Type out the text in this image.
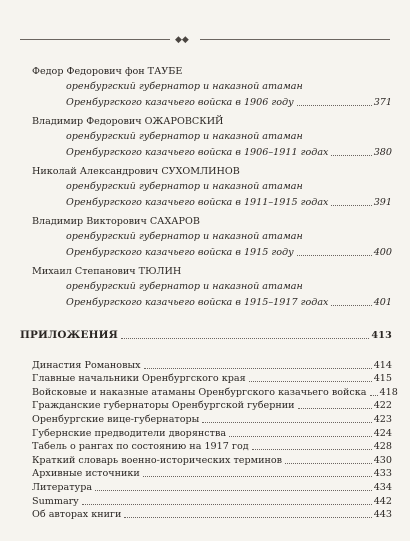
◆◆
Федор Федорович фон ТАУБЕ
оренбургский губернатор и наказной атаман
Оренбургского казачьего войска в 1906 году	371
Владимир Федорович ОЖАРОВСКИЙ
оренбургский губернатор и наказной атаман
Оренбургского казачьего войска в 1906–1911 годах	380
Николай Александрович СУХОМЛИНОВ
оренбургский губернатор и наказной атаман
Оренбургского казачьего войска в 1911–1915 годах	391
Владимир Викторович САХАРОВ
оренбургский губернатор и наказной атаман
Оренбургского казачьего войска в 1915 году	400
Михаил Степанович ТЮЛИН
оренбургский губернатор и наказной атаман
Оренбургского казачьего войска в 1915–1917 годах	401
ПРИЛОЖЕНИЯ	413
Династия Романовых	414
Главные начальники Оренбургского края	415
Войсковые и наказные атаманы Оренбургского казачьего войска 418
Гражданские губернаторы Оренбургской губернии	422
Оренбургские вице-губернаторы	423
Губернские предводители дворянства	424
Табель о рангах по состоянию на 1917 год	428
Краткий словарь военно-исторических терминов	430
Архивные источники	433
Литература	434
Summary	442
Об авторах книги	443
